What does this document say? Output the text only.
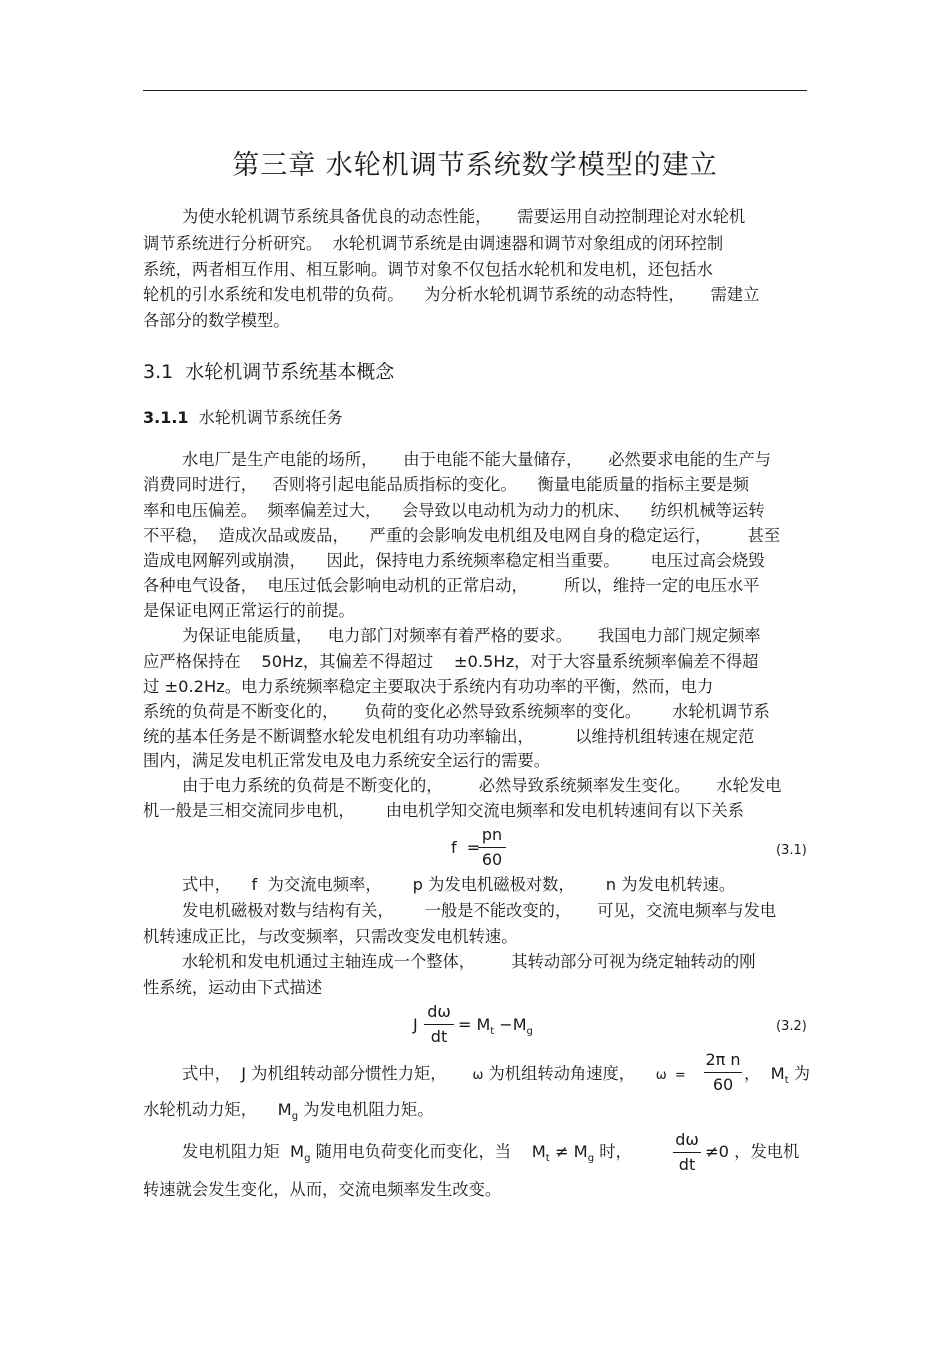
第三章 水轮机调节系统数学模型的建立
为使水轮机调节系统具备优良的动态性能，     需要运用自动控制理论对水轮机
调节系统进行分析研究。  水轮机调节系统是由调速器和调节对象组成的闭环控制
系统，两者相互作用、相互影响。调节对象不仅包括水轮机和发电机，还包括水
轮机的引水系统和发电机带的负荷。    为分析水轮机调节系统的动态特性，     需建立
各部分的数学模型。
3.1  水轮机调节系统基本概念
3.1.1 水轮机调节系统任务
水电厂是生产电能的场所，     由于电能不能大量储存，     必然要求电能的生产与
消费同时进行，   否则将引起电能品质指标的变化。    衡量电能质量的指标主要是频
率和电压偏差。  频率偏差过大，    会导致以电动机为动力的机床、    纺织机械等运转
不平稳，  造成次品或废品，    严重的会影响发电机组及电网自身的稳定运行，       甚至
造成电网解列或崩溃，    因此，保持电力系统频率稳定相当重要。      电压过高会烧毁
各种电气设备，  电压过低会影响电动机的正常启动，       所以，维持一定的电压水平
是保证电网正常运行的前提。
为保证电能质量，   电力部门对频率有着严格的要求。     我国电力部门规定频率
应严格保持在    50Hz，其偏差不得超过    ±0.5Hz，对于大容量系统频率偏差不得超
过 ±0.2Hz。电力系统频率稳定主要取决于系统内有功功率的平衡，然而，电力
系统的负荷是不断变化的，     负荷的变化必然导致系统频率的变化。      水轮机调节系
统的基本任务是不断调整水轮发电机组有功功率输出，        以维持机组转速在规定范
围内，满足发电机正常发电及电力系统安全运行的需要。
由于电力系统的负荷是不断变化的，       必然导致系统频率发生变化。     水轮发电
机一般是三相交流同步电机，      由电机学知交流电频率和发电机转速间有以下关系
f  =
pn
60	(3.1)
式中，    f  为交流电频率，      p 为发电机磁极对数，      n 为发电机转速。
发电机磁极对数与结构有关，      一般是不能改变的，     可见，交流电频率与发电
机转速成正比，与改变频率，只需改变发电机转速。
水轮机和发电机通过主轴连成一个整体，       其转动部分可视为绕定轴转动的刚
性系统，运动由下式描述
J
dω
dt
= $M_t -M_g$	(3.2)
式中，  J 为机组转动部分惯性力矩，     ω 为机组转动角速度，    ω  =
2π n
60
，  $M_t$ 为
水轮机动力矩，    $M_g$ 为发电机阻力矩。
发电机阻力矩  $M_g$ 随用电负荷变化而变化，当    $M_t \ne M_g$ 时，
dω
dt
≠0 ，发电机
转速就会发生变化，从而，交流电频率发生改变。
